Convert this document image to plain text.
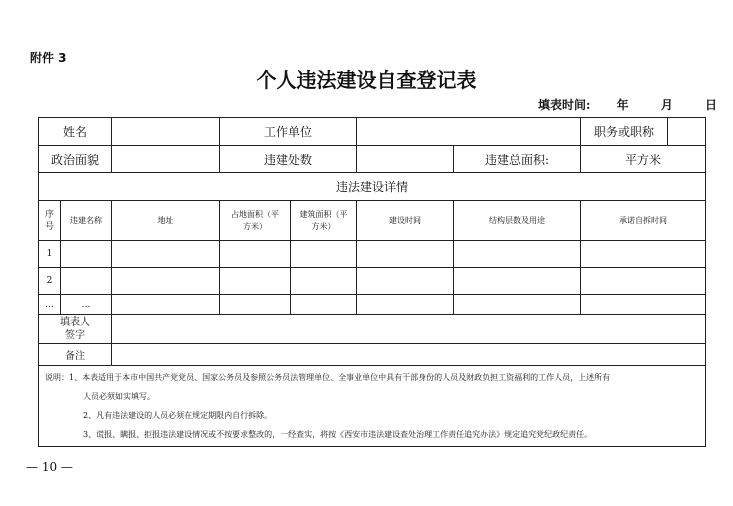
附件 3
个人违法建设自查登记表
填表时间: 年	月	日
姓名			工作单位				职务或职称

政治面貌			违建处数			违建总面积:	平方米
违法建设详情							
序号	违建名称	地址	占地面积（平方米）	建筑面积（平方米）	建设时间	结构层数及用途	承诺自拆时间
1							
2							
…	…						
填表人签字							
备注							

说明：1、本表适用于本市中国共产党党员、国家公务员及参照公务员法管理单位、全事业单位中具有干部身份的人员及财政负担工资福利的工作人员，上述所有
人员必须如实填写。
2、凡有违法建设的人员必须在规定期限内自行拆除。
3、谎报、瞒报、拒报违法建设情况或不按要求整改的，一经查实，将按《西安市违法建设查处治理工作责任追究办法》规定追究党纪政纪责任。							
— 10 —
